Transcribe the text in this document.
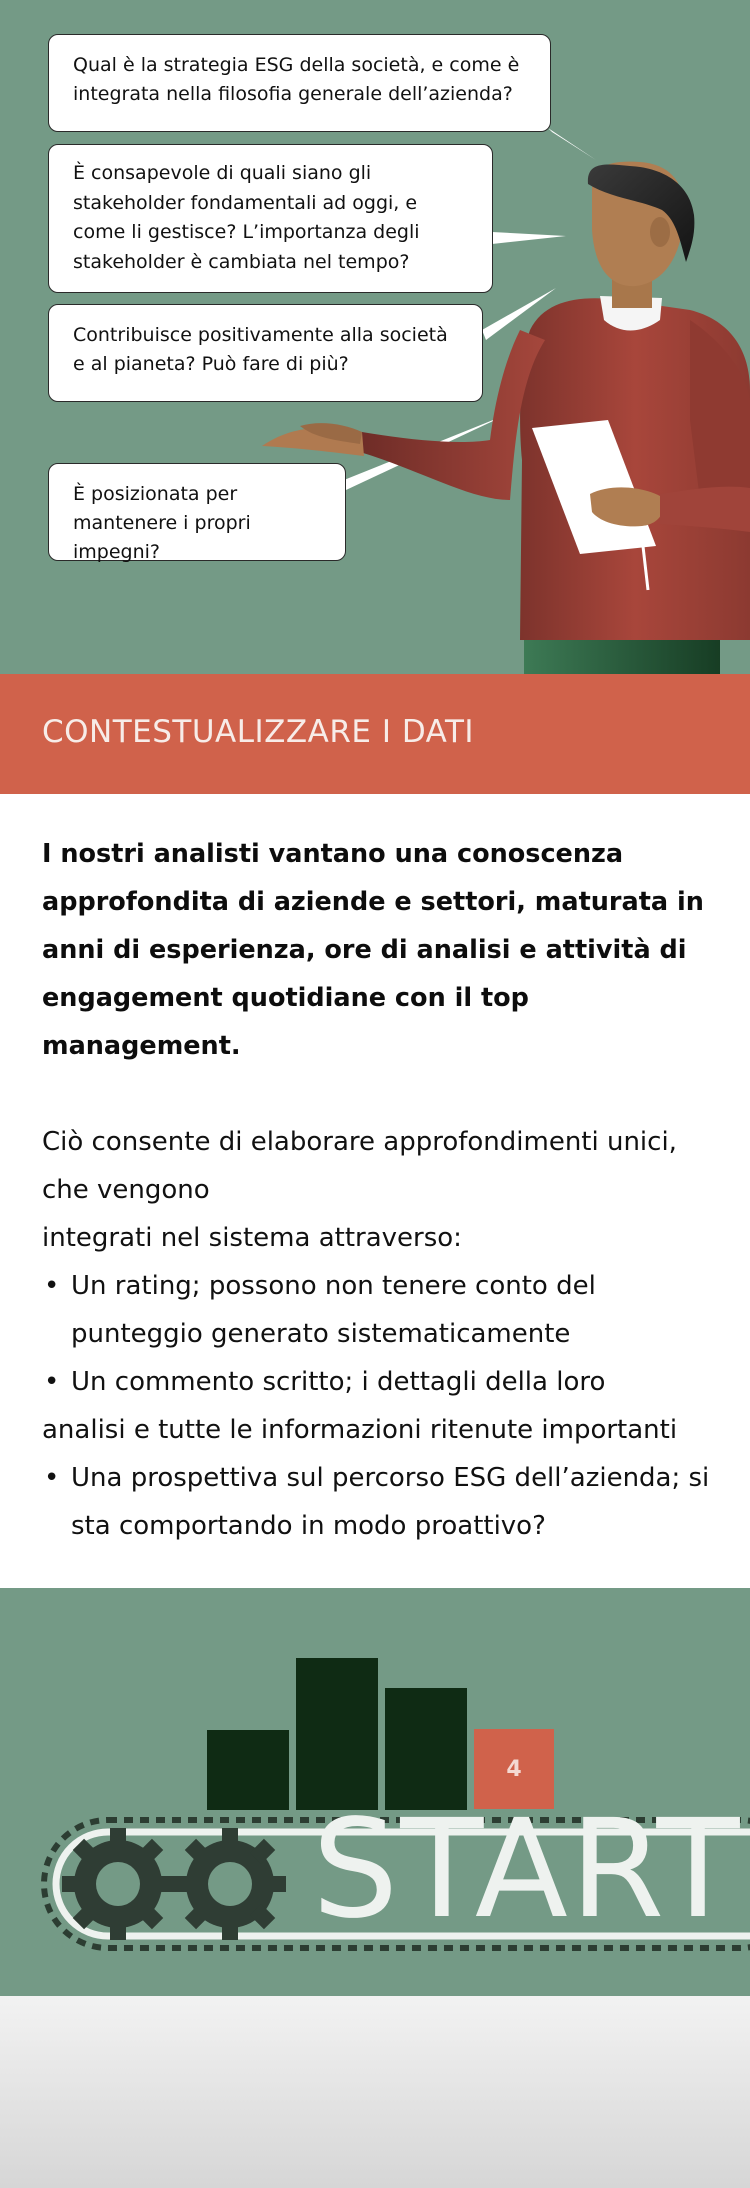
Qual è la strategia ESG della società, e come è integrata nella filosofia generale dell’azienda?
È consapevole di quali siano gli stakeholder fondamentali ad oggi, e come li gestisce? L’importanza degli stakeholder è cambiata nel tempo?
Contribuisce positivamente alla società e al pianeta? Può fare di più?
È posizionata per mantenere i propri impegni?
CONTESTUALIZZARE I DATI

I nostri analisti vantano una conoscenza approfondita di aziende e settori, maturata in anni di esperienza, ore di analisi e attività di engagement quotidiane con il top management.

Ciò consente di elaborare approfondimenti unici, che vengono

integrati nel sistema attraverso:

• Un rating; possono non tenere conto del punteggio generato sistematicamente

• Un commento scritto; i dettagli della loro

analisi e tutte le informazioni ritenute importanti

• Una prospettiva sul percorso ESG dell’azienda; si sta comportando in modo proattivo?

4
START
